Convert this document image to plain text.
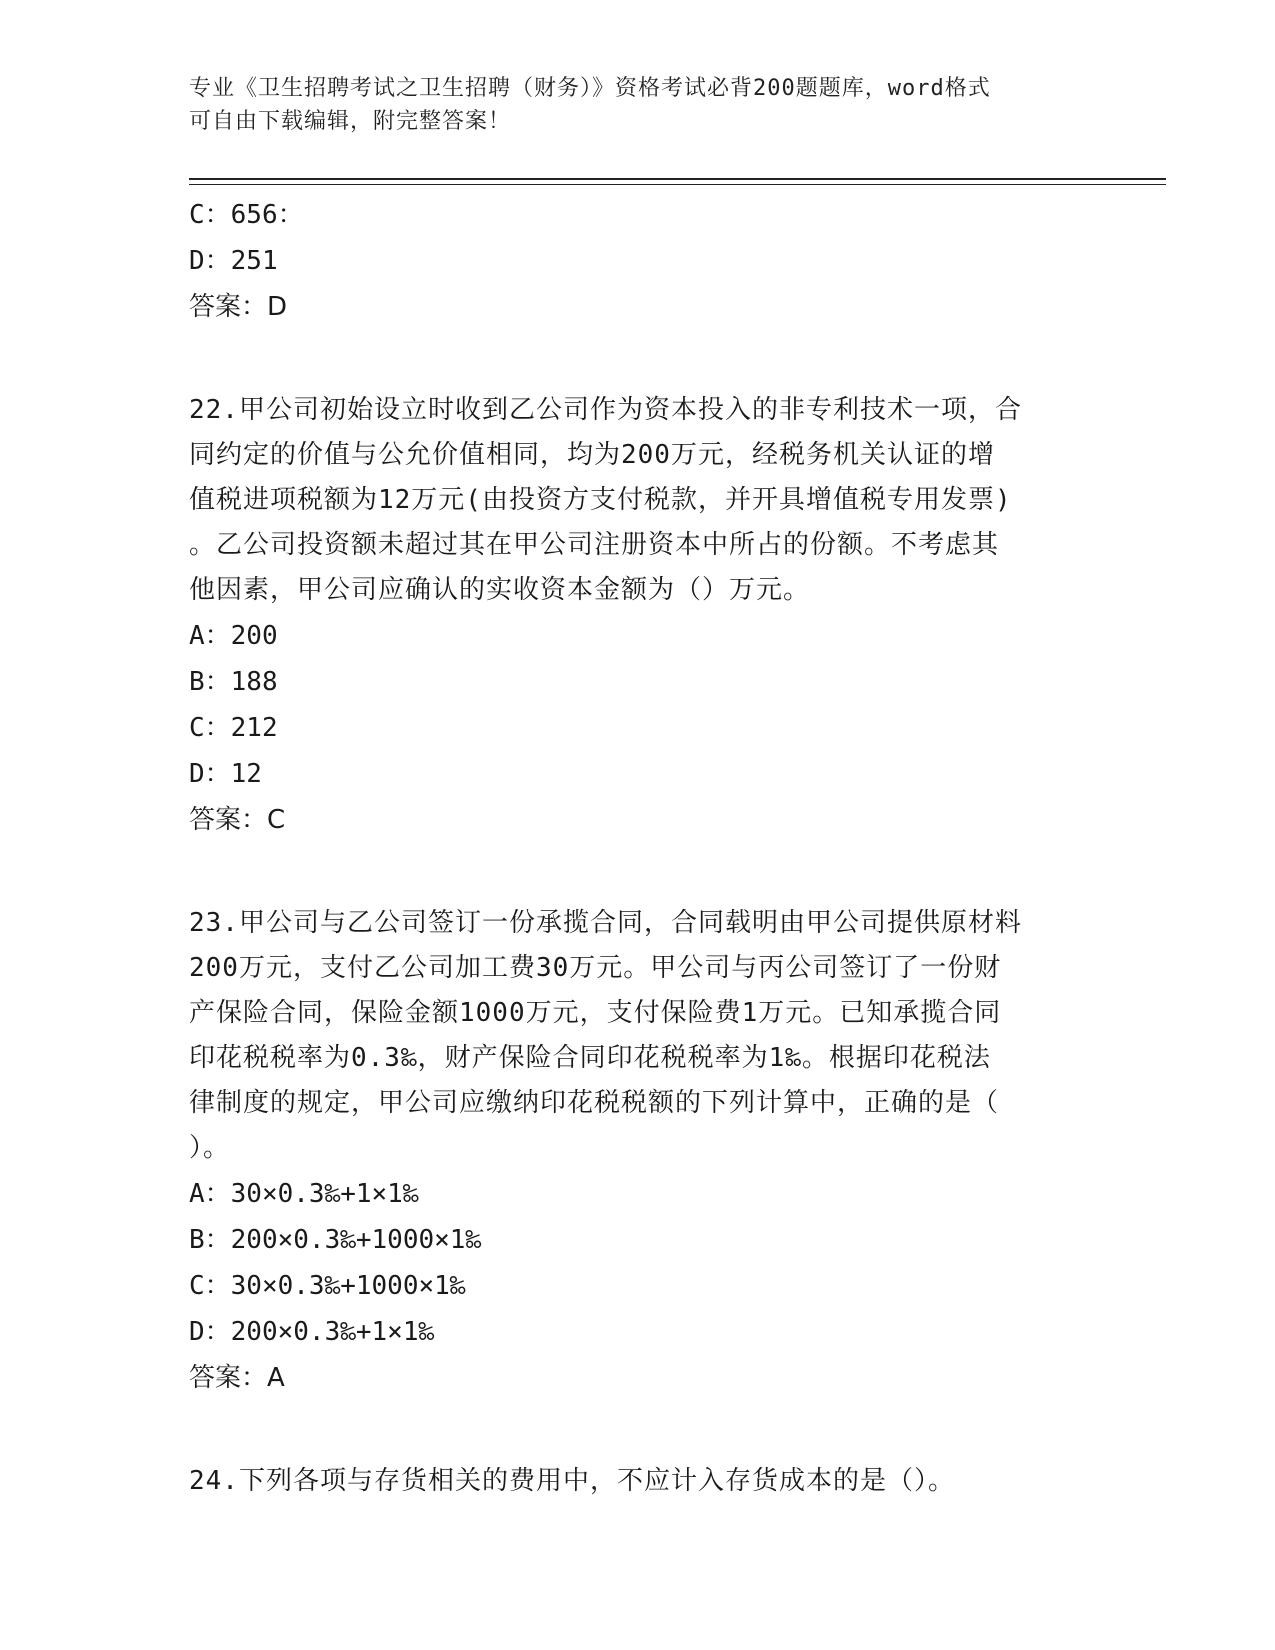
专业《卫生招聘考试之卫生招聘（财务）》资格考试必背200题题库，word格式
可自由下载编辑，附完整答案！
C：656：
D：251
答案：D
22.甲公司初始设立时收到乙公司作为资本投入的非专利技术一项，合
同约定的价值与公允价值相同，均为200万元，经税务机关认证的增
值税进项税额为12万元(由投资方支付税款，并开具增值税专用发票)
。乙公司投资额未超过其在甲公司注册资本中所占的份额。不考虑其
他因素，甲公司应确认的实收资本金额为（）万元。
A：200
B：188
C：212
D：12
答案：C
23.甲公司与乙公司签订一份承揽合同，合同载明由甲公司提供原材料
200万元，支付乙公司加工费30万元。甲公司与丙公司签订了一份财
产保险合同，保险金额1000万元，支付保险费1万元。已知承揽合同
印花税税率为0.3‰，财产保险合同印花税税率为1‰。根据印花税法
律制度的规定，甲公司应缴纳印花税税额的下列计算中，正确的是（
）。
A：30×0.3‰+1×1‰
B：200×0.3‰+1000×1‰
C：30×0.3‰+1000×1‰
D：200×0.3‰+1×1‰
答案：A
24.下列各项与存货相关的费用中，不应计入存货成本的是（）。
